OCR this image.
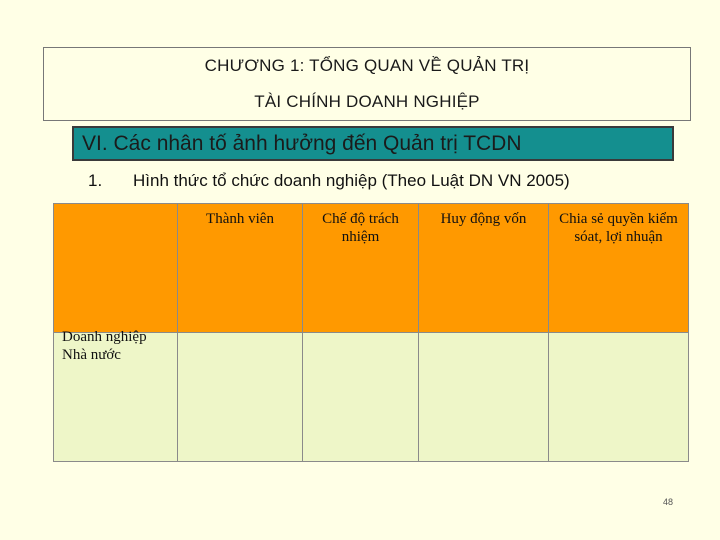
CHƯƠNG 1: TỔNG QUAN VỀ QUẢN TRỊ
TÀI CHÍNH DOANH NGHIỆP
VI. Các nhân tố ảnh hưởng đến Quản trị TCDN
1. Hình thức tổ chức doanh nghiệp (Theo Luật DN VN 2005)
	Thành viên	Chế độ trách nhiệm	Huy động vốn	Chia sẻ quyền kiểm sóat, lợi nhuận

Doanh nghiệp
Nhà nước				

48
